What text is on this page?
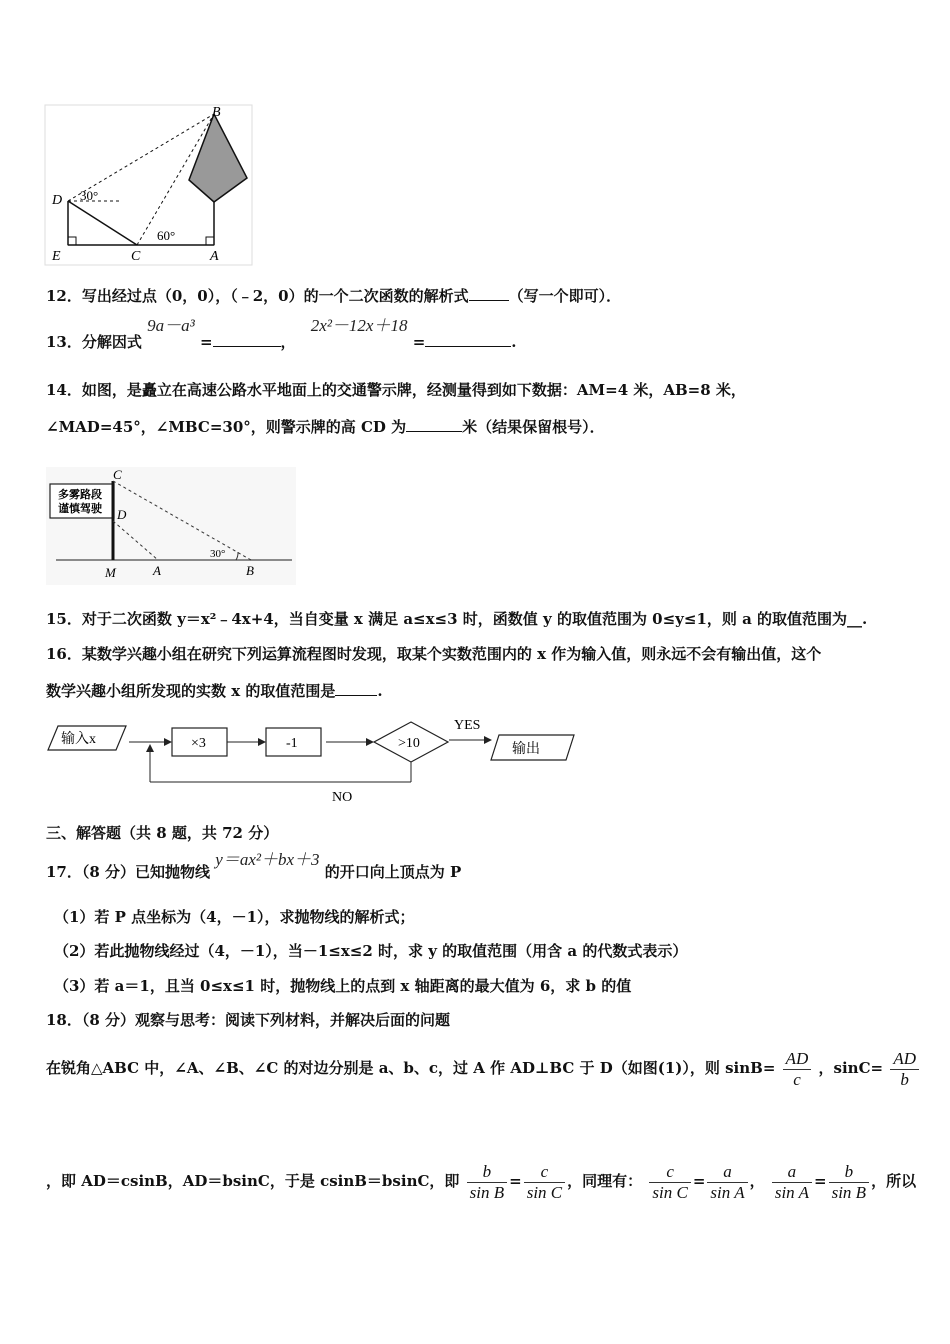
B
D
E	C	A
30°
60°
12．写出经过点（0，0），（﹣2，0）的一个二次函数的解析式	（写一个即可）．
13．分解因式 9a－a³ =	， 2x²－12x＋18 =	.
14．如图，是矗立在高速公路水平地面上的交通警示牌，经测量得到如下数据：AM=4 米，AB=8 米，
∠MAD=45°，∠MBC=30°，则警示牌的高 CD 为	米（结果保留根号）．
多雾路段
谨慎驾驶
C
D
M	A	B
30°
15．对于二次函数 y＝x²﹣4x+4，当自变量 x 满足 a≤x≤3 时，函数值 y 的取值范围为 0≤y≤1，则 a 的取值范围为__.
16．某数学兴趣小组在研究下列运算流程图时发现，取某个实数范围内的 x 作为输入值，则永远不会有输出值，这个
数学兴趣小组所发现的实数 x 的取值范围是	.
输入x	×3	-1	>10
YES
输出
NO
三、解答题（共 8 题，共 72 分）
17．（8 分）已知抛物线 y＝ax²＋bx＋3 的开口向上顶点为 P
（1）若 P 点坐标为（4，－1），求抛物线的解析式；
（2）若此抛物线经过（4，－1），当－1≤x≤2 时，求 y 的取值范围（用含 a 的代数式表示）
（3）若 a＝1，且当 0≤x≤1 时，抛物线上的点到 x 轴距离的最大值为 6，求 b 的值
18．（8 分）观察与思考：阅读下列材料，并解决后面的问题
在锐角△ABC 中，∠A、∠B、∠C 的对边分别是 a、b、c，过 A 作 AD⊥BC 于 D（如图(1)），则 $\sin B= \frac{AD}{c}$ ，$\sin C= \frac{AD}{b}$
，即 AD＝csinB，AD＝bsinC，于是 csinB＝bsinC，即 $\frac{b}{\text{sin B}} = \frac{c}{\text{sin C}}$ ，同理有： $\frac{c}{\text{sin C}} = \frac{a}{\text{sin A}}$ ， $\frac{a}{\text{sin A}} = \frac{b}{\text{sin B}}$ ，所以
